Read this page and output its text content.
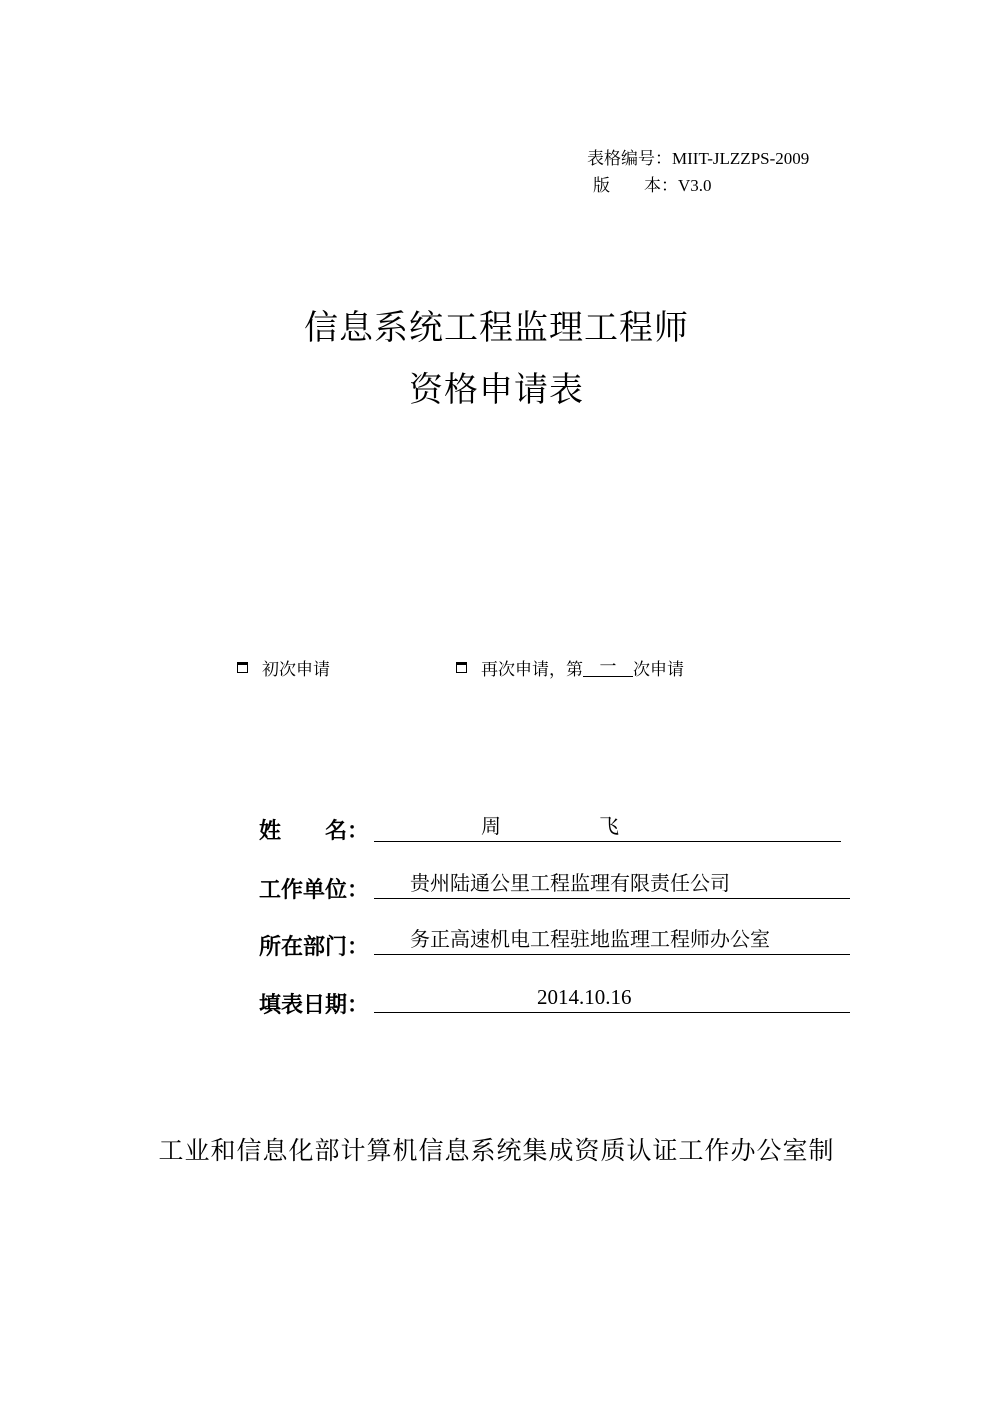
表格编号：MIIT-JLZZPS-2009
版 本：V3.0
信息系统工程监理工程师
资格申请表
初次申请	再次申请，第 一 次申请
姓 名：	周	飞
工作单位： 贵州陆通公里工程监理有限责任公司
所在部门： 务正高速机电工程驻地监理工程师办公室
填表日期：	2014.10.16
工业和信息化部计算机信息系统集成资质认证工作办公室制
